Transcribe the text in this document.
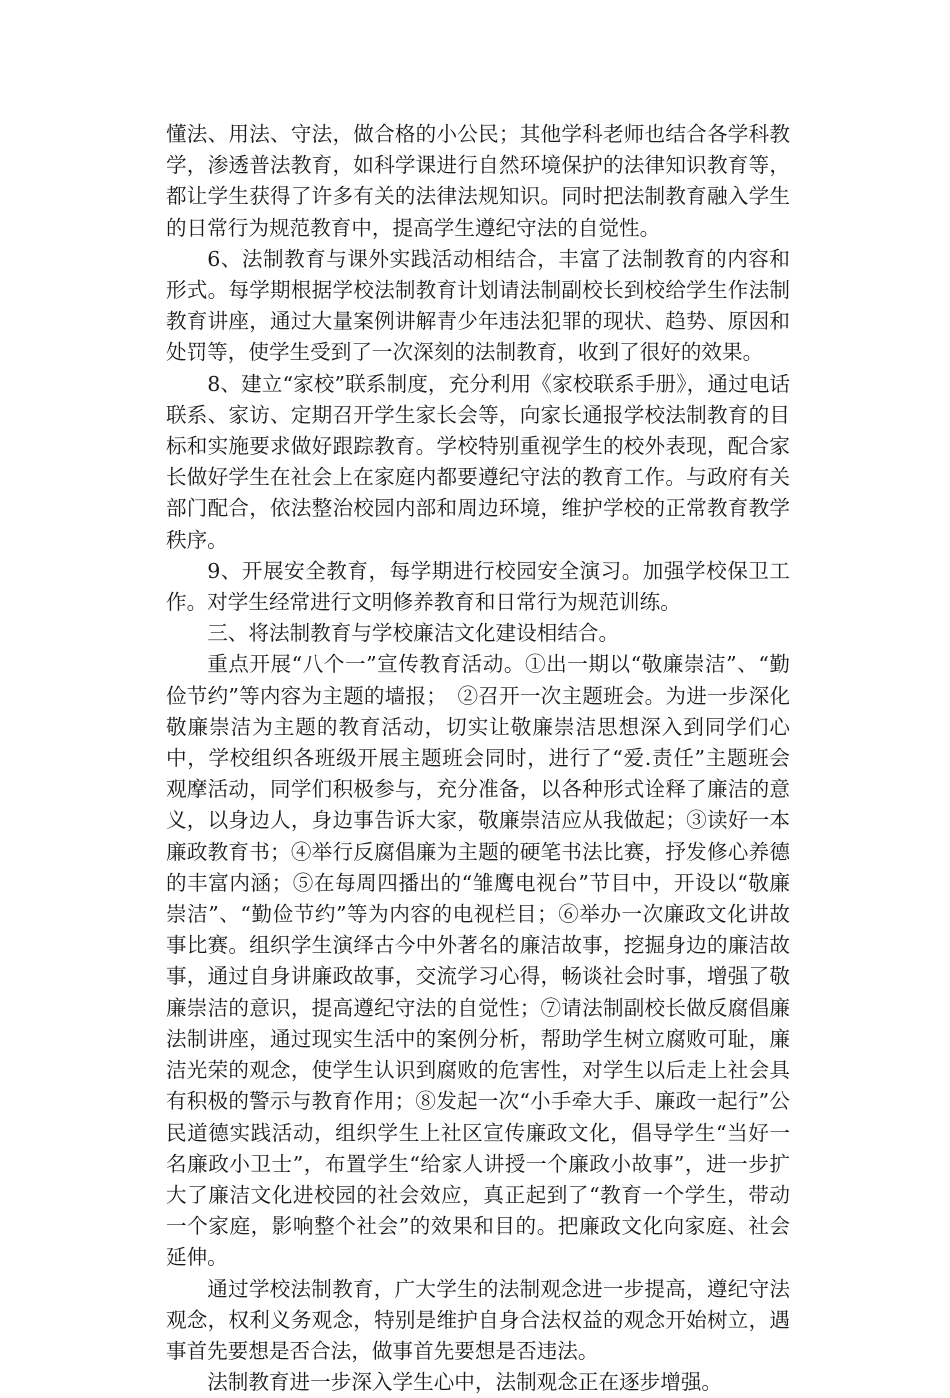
懂法、用法、守法，做合格的小公民；其他学科老师也结合各学科教学，渗透普法教育，如科学课进行自然环境保护的法律知识教育等，都让学生获得了许多有关的法律法规知识。同时把法制教育融入学生的日常行为规范教育中，提高学生遵纪守法的自觉性。

6、法制教育与课外实践活动相结合，丰富了法制教育的内容和形式。每学期根据学校法制教育计划请法制副校长到校给学生作法制教育讲座，通过大量案例讲解青少年违法犯罪的现状、趋势、原因和处罚等，使学生受到了一次深刻的法制教育，收到了很好的效果。

8、建立“家校”联系制度，充分利用《家校联系手册》，通过电话联系、家访、定期召开学生家长会等，向家长通报学校法制教育的目标和实施要求做好跟踪教育。学校特别重视学生的校外表现，配合家长做好学生在社会上在家庭内都要遵纪守法的教育工作。与政府有关部门配合，依法整治校园内部和周边环境，维护学校的正常教育教学秩序。

9、开展安全教育，每学期进行校园安全演习。加强学校保卫工作。对学生经常进行文明修养教育和日常行为规范训练。

三、将法制教育与学校廉洁文化建设相结合。

重点开展“八个一”宣传教育活动。①出一期以“敬廉崇洁”、“勤俭节约”等内容为主题的墙报；　②召开一次主题班会。为进一步深化敬廉崇洁为主题的教育活动，切实让敬廉崇洁思想深入到同学们心中，学校组织各班级开展主题班会同时，进行了“爱.责任”主题班会观摩活动，同学们积极参与，充分准备，以各种形式诠释了廉洁的意义，以身边人，身边事告诉大家，敬廉崇洁应从我做起；③读好一本廉政教育书；④举行反腐倡廉为主题的硬笔书法比赛，抒发修心养德的丰富内涵；⑤在每周四播出的“雏鹰电视台”节目中，开设以“敬廉崇洁”、“勤俭节约”等为内容的电视栏目；⑥举办一次廉政文化讲故事比赛。组织学生演绎古今中外著名的廉洁故事，挖掘身边的廉洁故事，通过自身讲廉政故事，交流学习心得，畅谈社会时事，增强了敬廉崇洁的意识，提高遵纪守法的自觉性；⑦请法制副校长做反腐倡廉法制讲座，通过现实生活中的案例分析，帮助学生树立腐败可耻，廉洁光荣的观念，使学生认识到腐败的危害性，对学生以后走上社会具有积极的警示与教育作用；⑧发起一次“小手牵大手、廉政一起行”公民道德实践活动，组织学生上社区宣传廉政文化，倡导学生“当好一名廉政小卫士”，布置学生“给家人讲授一个廉政小故事”，进一步扩大了廉洁文化进校园的社会效应，真正起到了“教育一个学生，带动一个家庭，影响整个社会”的效果和目的。把廉政文化向家庭、社会延伸。

通过学校法制教育，广大学生的法制观念进一步提高，遵纪守法观念，权利义务观念，特别是维护自身合法权益的观念开始树立，遇事首先要想是否合法，做事首先要想是否违法。

法制教育进一步深入学生心中，法制观念正在逐步增强。
